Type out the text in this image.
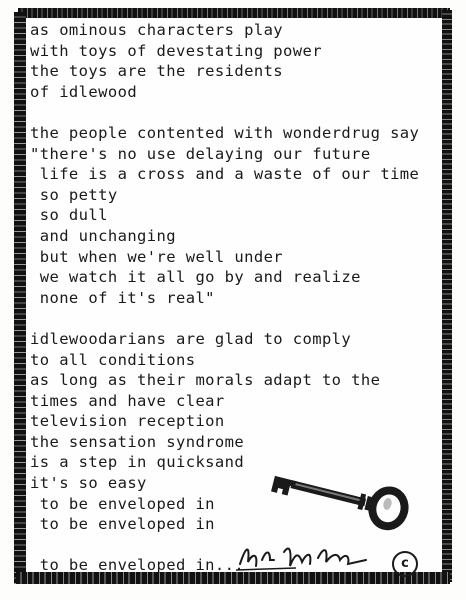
as ominous characters play
with toys of devestating power
the toys are the residents
of idlewood
the people contented with wonderdrug say
"there's no use delaying our future
life is a cross and a waste of our time
so petty
so dull
and unchanging
but when we're well under
we watch it all go by and realize
none of it's real"
idlewoodarians are glad to comply
to all conditions
as long as their morals adapt to the
times and have clear
television reception
the sensation syndrome
is a step in quicksand
it's so easy
to be enveloped in
to be enveloped in
to be enveloped in...	c
